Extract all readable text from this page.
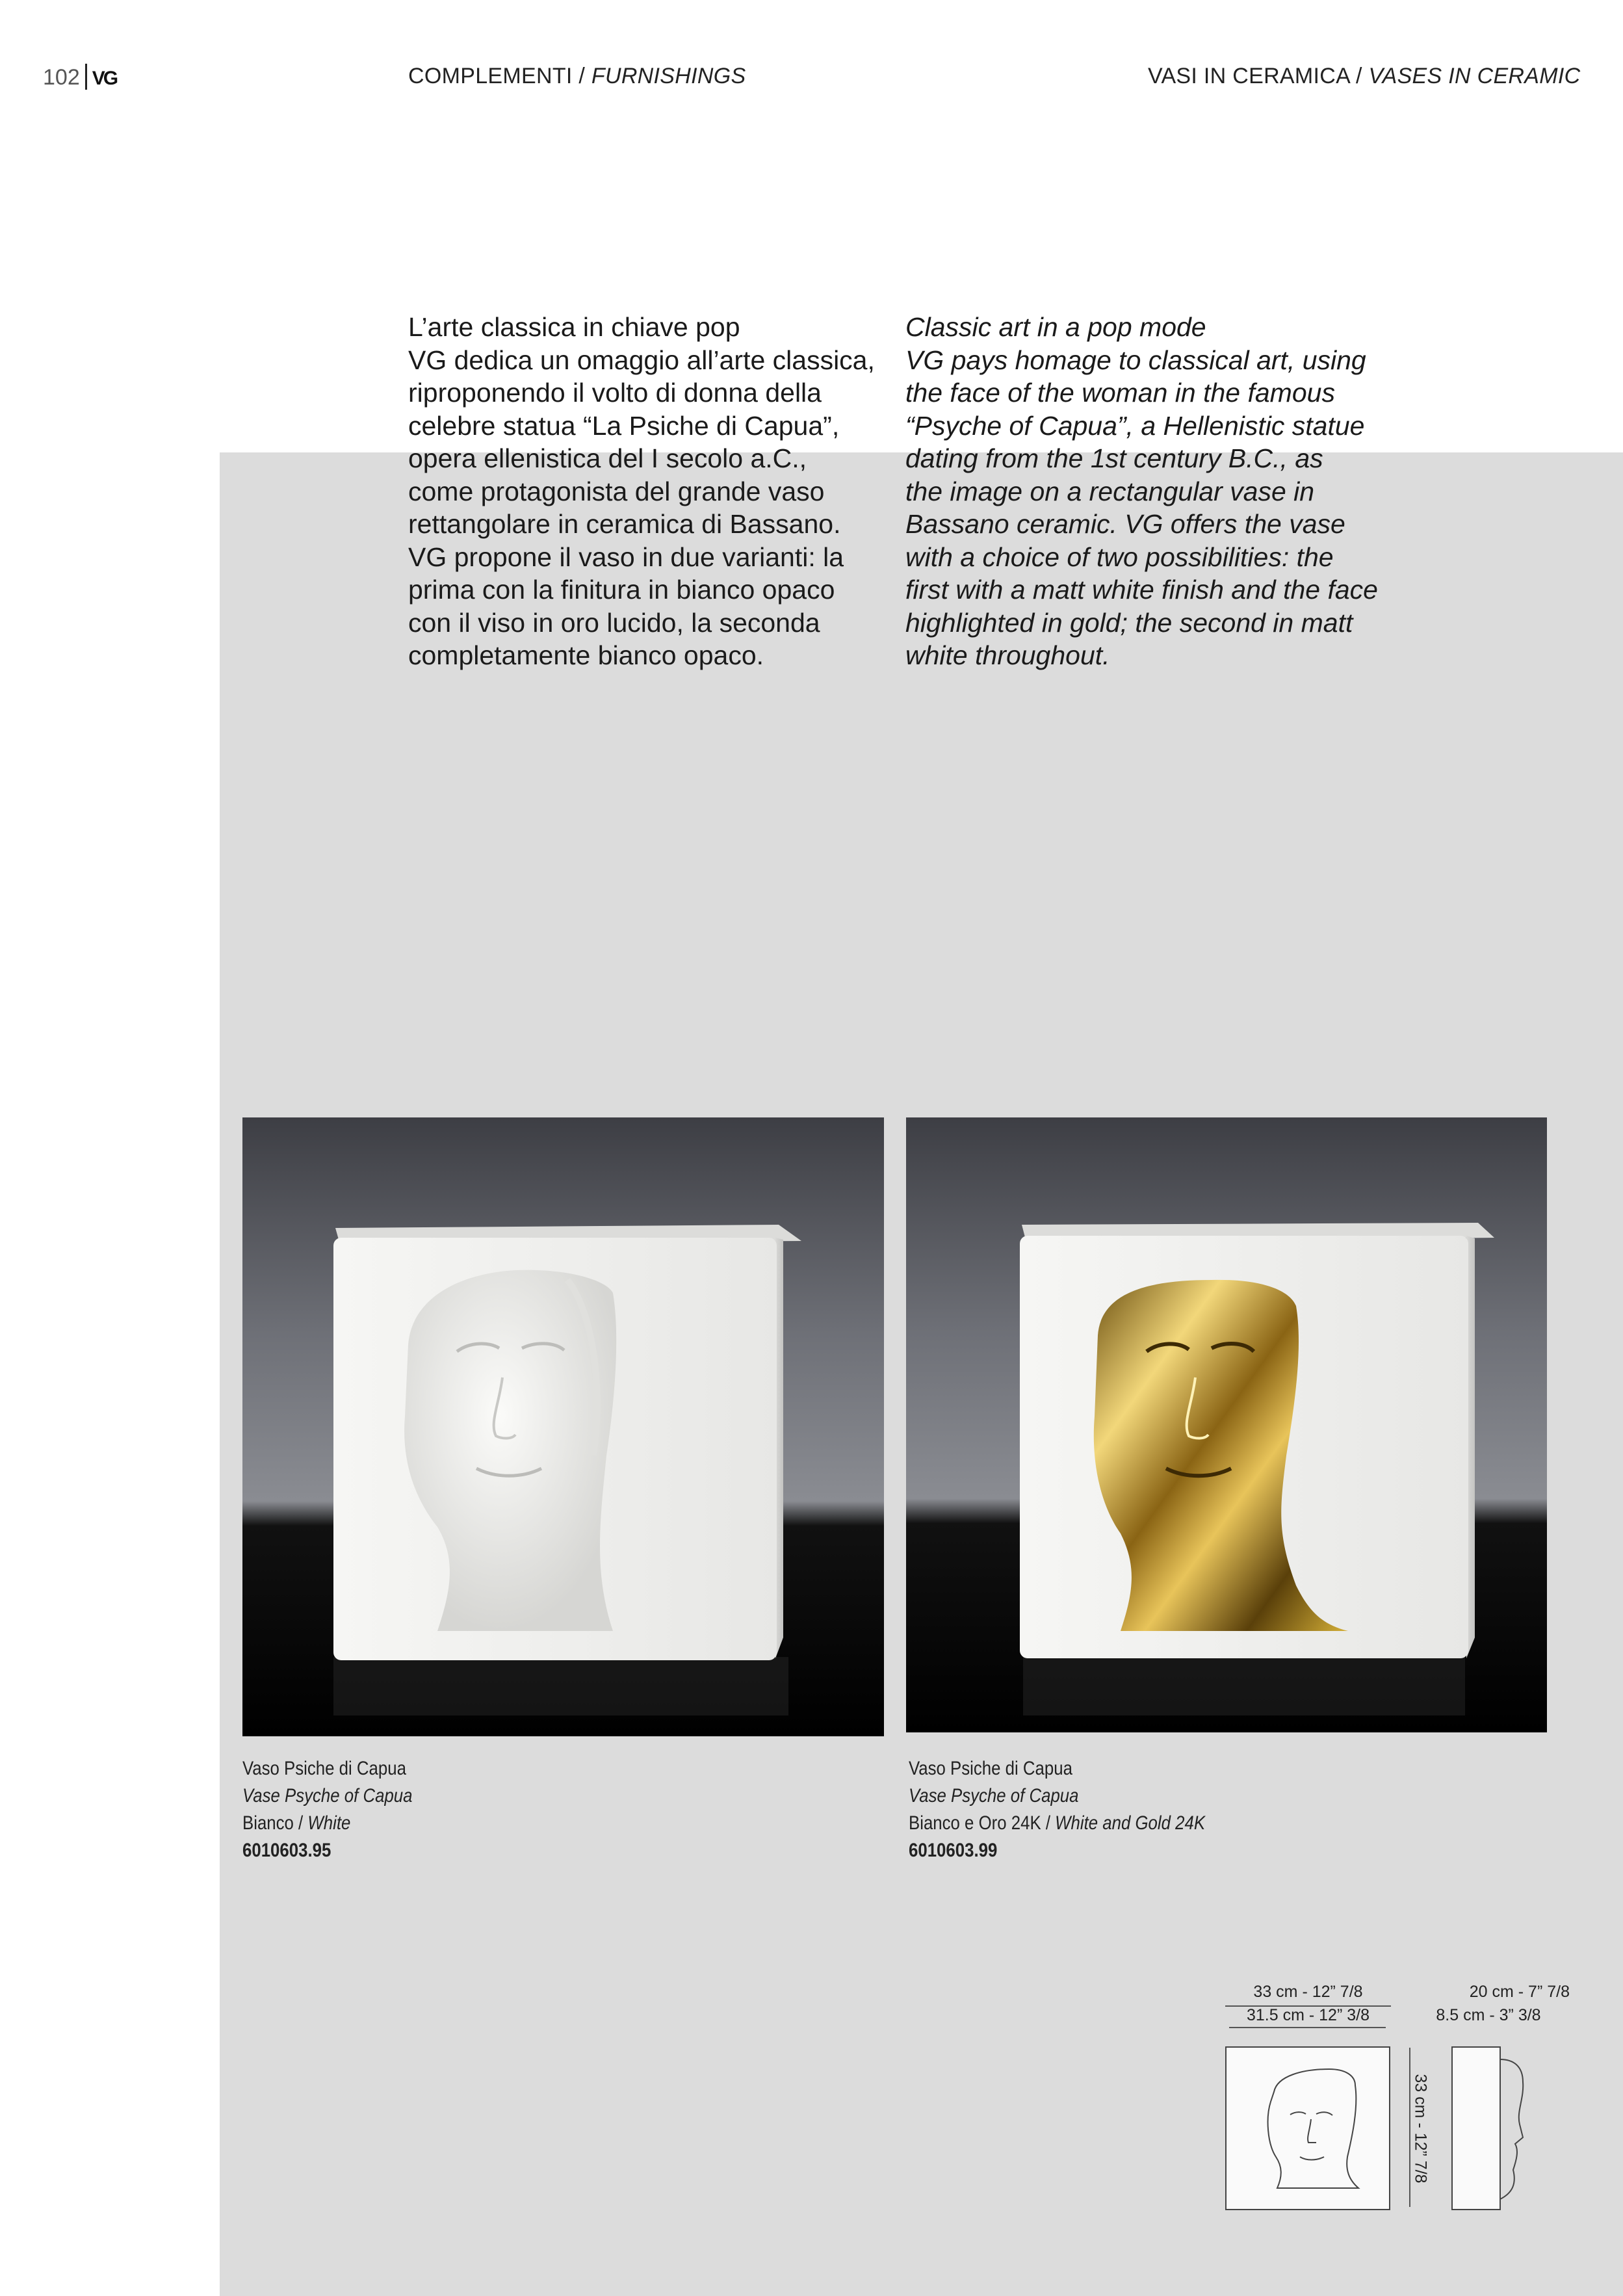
102 VG	COMPLEMENTI / FURNISHINGS	VASI IN CERAMICA / VASES IN CERAMIC

L’arte classica in chiave pop

VG dedica un omaggio all’arte classica,

riproponendo il volto di donna della

celebre statua “La Psiche di Capua”,

opera ellenistica del I secolo a.C.,

come protagonista del grande vaso

rettangolare in ceramica di Bassano.

VG propone il vaso in due varianti: la

prima con la finitura in bianco opaco

con il viso in oro lucido, la seconda

completamente bianco opaco.

Classic art in a pop mode

VG pays homage to classical art, using

the face of the woman in the famous

“Psyche of Capua”, a Hellenistic statue

dating from the 1st century B.C., as

the image on a rectangular vase in

Bassano ceramic. VG offers the vase

with a choice of two possibilities: the

first with a matt white finish and the face

highlighted in gold; the second in matt

white throughout.

Vaso Psiche di Capua
Vase Psyche of Capua
Bianco / White
6010603.95
Vaso Psiche di Capua
Vase Psyche of Capua
Bianco e Oro 24K / White and Gold 24K
6010603.99
33 cm - 12” 7/8
31.5 cm - 12” 3/8
20 cm - 7” 7/8
8.5 cm - 3” 3/8
33 cm - 12” 7/8
